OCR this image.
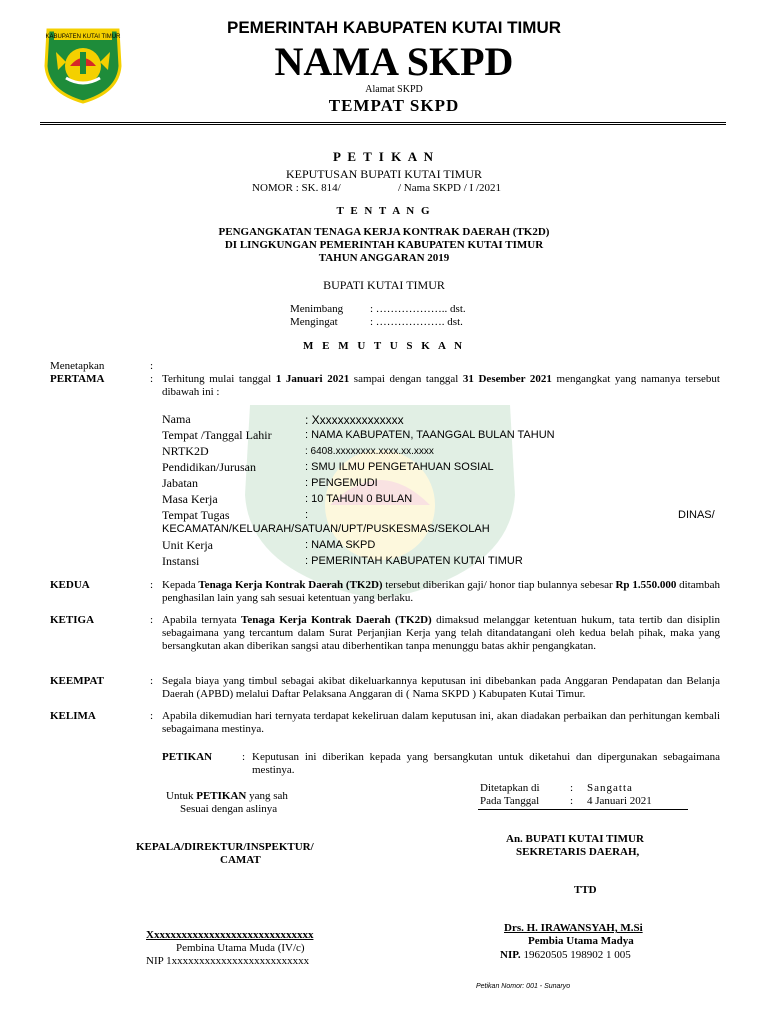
KABUPATEN KUTAI TIMUR	PEMERINTAH KABUPATEN KUTAI TIMUR
NAMA SKPD
Alamat SKPD
TEMPAT SKPD
P E T I K A N
KEPUTUSAN BUPATI KUTAI TIMUR
NOMOR : SK. 814/	/ Nama SKPD / I /2021
T E N T A N G
PENGANGKATAN TENAGA KERJA KONTRAK DAERAH (TK2D)
DI LINGKUNGAN PEMERINTAH KABUPATEN KUTAI TIMUR
TAHUN ANGGARAN 2019
BUPATI KUTAI TIMUR
Menimbang : ……………….. dst.
Mengingat	: ………………. dst.
M E M U T U S K A N
Menetapkan	:
PERTAMA	: Terhitung mulai tanggal 1 Januari 2021 sampai dengan tanggal 31 Desember 2021 mengangkat yang namanya tersebut dibawah ini :
Nama	: Xxxxxxxxxxxxxxx
Tempat /Tanggal Lahir	: NAMA KABUPATEN, TAANGGAL BULAN TAHUN
NRTK2D	: 6408.xxxxxxxx.xxxx.xx.xxxx
Pendidikan/Jurusan	: SMU ILMU PENGETAHUAN SOSIAL
Jabatan	: PENGEMUDI
Masa Kerja	: 10 TAHUN 0 BULAN
Tempat Tugas	:	DINAS/
KECAMATAN/KELUARAH/SATUAN/UPT/PUSKESMAS/SEKOLAH
Unit Kerja	: NAMA SKPD
Instansi	: PEMERINTAH KABUPATEN KUTAI TIMUR
KEDUA	: Kepada Tenaga Kerja Kontrak Daerah (TK2D) tersebut diberikan gaji/ honor tiap bulannya sebesar Rp 1.550.000 ditambah penghasilan lain yang sah sesuai ketentuan yang berlaku.
KETIGA	: Apabila ternyata Tenaga Kerja Kontrak Daerah (TK2D) dimaksud melanggar ketentuan hukum, tata tertib dan disiplin sebagaimana yang tercantum dalam Surat Perjanjian Kerja yang telah ditandatangani oleh kedua belah pihak, maka yang bersangkutan akan diberikan sangsi atau diberhentikan tanpa menunggu batas akhir pengangkatan.
KEEMPAT	: Segala biaya yang timbul sebagai akibat dikeluarkannya keputusan ini dibebankan pada Anggaran Pendapatan dan Belanja Daerah (APBD) melalui Daftar Pelaksana Anggaran di ( Nama SKPD ) Kabupaten Kutai Timur.
KELIMA	: Apabila dikemudian hari ternyata terdapat kekeliruan dalam keputusan ini, akan diadakan perbaikan dan perhitungan kembali sebagaimana mestinya.
PETIKAN	: Keputusan ini diberikan kepada yang bersangkutan untuk diketahui dan dipergunakan sebagaimana mestinya.
Ditetapkan di	: Sangatta
Pada Tanggal	: 4 Januari 2021
Untuk PETIKAN yang sah
Sesuai dengan aslinya
KEPALA/DIREKTUR/INSPEKTUR/
CAMAT
Xxxxxxxxxxxxxxxxxxxxxxxxxxxxxx
Pembina Utama Muda (IV/c)
NIP 1xxxxxxxxxxxxxxxxxxxxxxxxx
An. BUPATI KUTAI TIMUR
SEKRETARIS DAERAH,
TTD
Drs. H. IRAWANSYAH, M.Si
Pembia Utama Madya
NIP. 19620505 198902 1 005
Petikan Nomor: 001 - Sunaryo
